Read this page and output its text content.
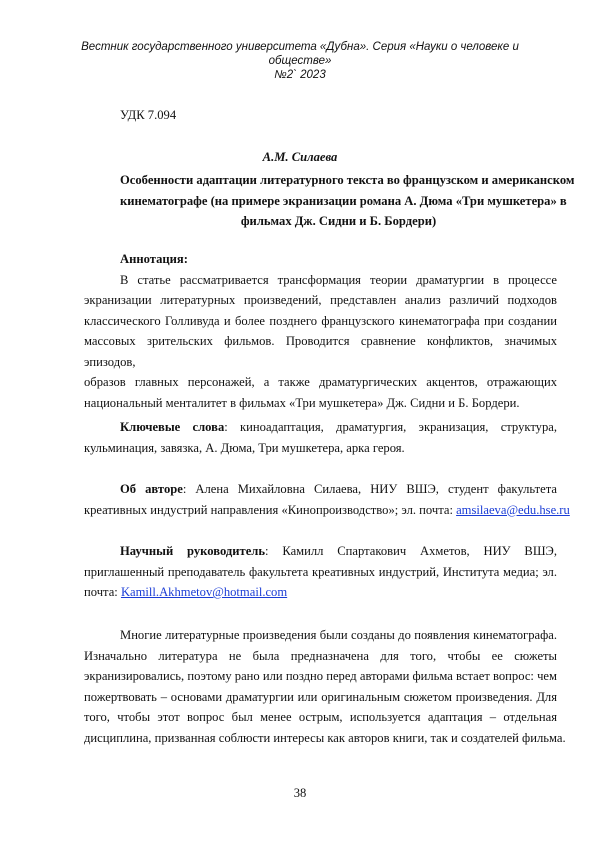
Вестник государственного университета «Дубна». Серия «Науки о человеке и обществе»
№2` 2023
УДК 7.094
А.М. Силаева
Особенности адаптации литературного текста во французском и американском
кинематографе (на примере экранизации романа А. Дюма «Три мушкетера» в
фильмах Дж. Сидни и Б. Бордери)
Аннотация:
В статье рассматривается трансформация теории драматургии в процессе
экранизации литературных произведений, представлен анализ различий подходов
классического Голливуда и более позднего французского кинематографа при создании
массовых зрительских фильмов. Проводится сравнение конфликтов, значимых эпизодов,
образов главных персонажей, а также драматургических акцентов, отражающих
национальный менталитет в фильмах «Три мушкетера» Дж. Сидни и Б. Бордери.
Ключевые слова: киноадаптация, драматургия, экранизация, структура,
кульминация, завязка, А. Дюма, Три мушкетера, арка героя.
Об автоpe: Алена Михайловна Силаева, НИУ ВШЭ, студент факультета
креативных индустрий направления «Кинопроизводство»; эл. почта: amsilaeva@edu.hse.ru
Научный руководитель: Камилл Спартакович Ахметов, НИУ ВШЭ,
приглашенный преподаватель факультета креативных индустрий, Института медиа; эл.
почта: Kamill.Akhmetov@hotmail.com
Многие литературные произведения были созданы до появления кинематографа.
Изначально литература не была предназначена для того, чтобы ее сюжеты
экранизировались, поэтому рано или поздно перед авторами фильма встает вопрос: чем
пожертвовать – основами драматургии или оригинальным сюжетом произведения. Для
того, чтобы этот вопрос был менее острым, используется адаптация – отдельная
дисциплина, призванная соблюсти интересы как авторов книги, так и создателей фильма.
38
